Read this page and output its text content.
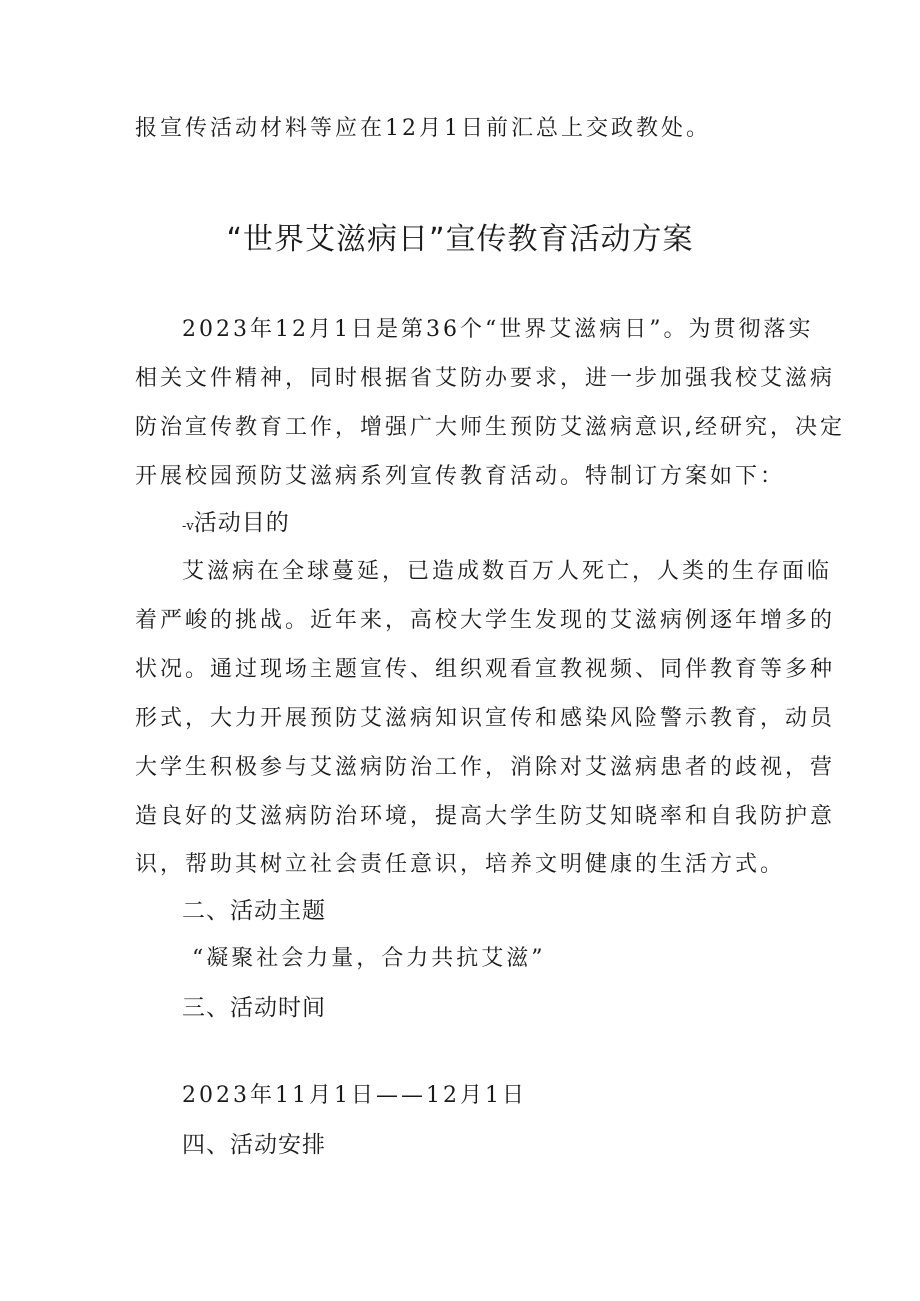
报宣传活动材料等应在12月1日前汇总上交政教处。
“世界艾滋病日”宣传教育活动方案
2023年12月1日是第36个“世界艾滋病日”。为贯彻落实
相关文件精神，同时根据省艾防办要求，进一步加强我校艾滋病
防治宣传教育工作，增强广大师生预防艾滋病意识,经研究，决定
开展校园预防艾滋病系列宣传教育活动。特制订方案如下：
-v活动目的
艾滋病在全球蔓延，已造成数百万人死亡，人类的生存面临
着严峻的挑战。近年来，高校大学生发现的艾滋病例逐年增多的
状况。通过现场主题宣传、组织观看宣教视频、同伴教育等多种
形式，大力开展预防艾滋病知识宣传和感染风险警示教育，动员
大学生积极参与艾滋病防治工作，消除对艾滋病患者的歧视，营
造良好的艾滋病防治环境，提高大学生防艾知晓率和自我防护意
识，帮助其树立社会责任意识，培养文明健康的生活方式。
二、活动主题
“凝聚社会力量，合力共抗艾滋”
三、活动时间
2023年11月1日——12月1日
四、活动安排
